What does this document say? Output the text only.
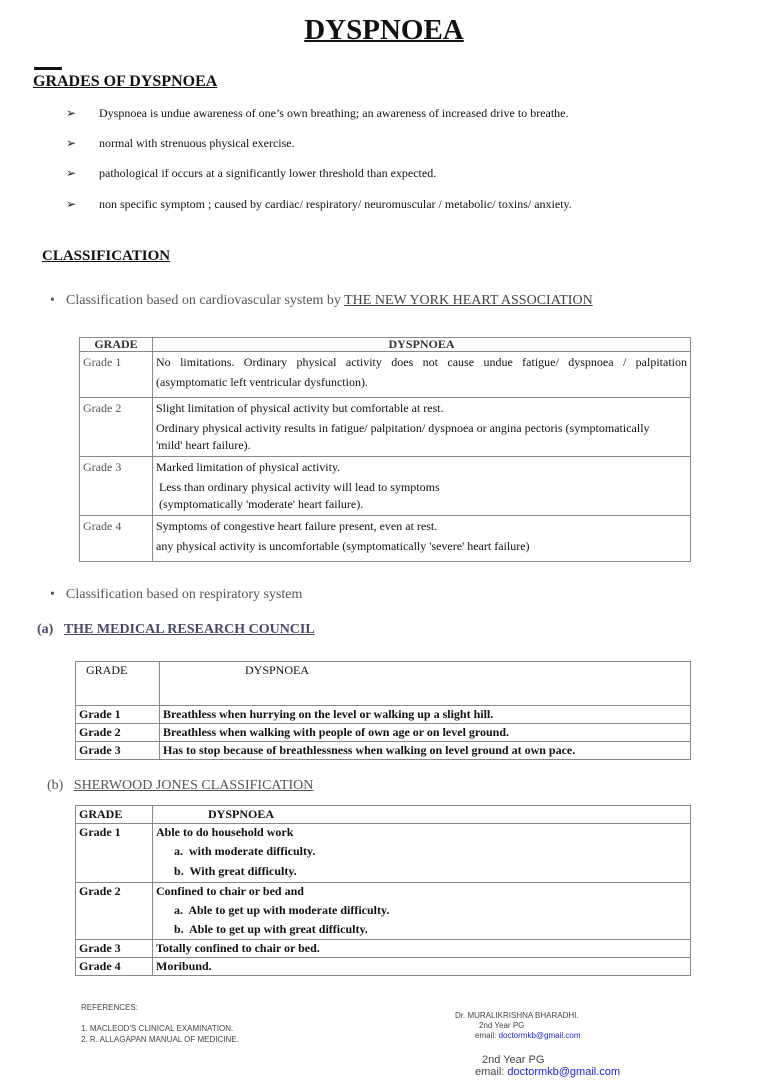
DYSPNOEA
GRADES OF DYSPNOEA
➢ Dyspnoea is undue awareness of one’s own breathing; an awareness of increased drive to breathe.
➢ normal with strenuous physical exercise.
➢ pathological if occurs at a significantly lower threshold than expected.
➢ non specific symptom ; caused by cardiac/ respiratory/ neuromuscular / metabolic/ toxins/ anxiety.
CLASSIFICATION
• Classification based on cardiovascular system by THE NEW YORK HEART ASSOCIATION
GRADE	DYSPNOEA
Grade 1	No limitations. Ordinary physical activity does not cause undue fatigue/ dyspnoea / palpitation
(asymptomatic left ventricular dysfunction).

Grade 2	Slight limitation of physical activity but comfortable at rest.
Ordinary physical activity results in fatigue/ palpitation/ dyspnoea or angina pectoris (symptomatically
'mild' heart failure).

Grade 3	Marked limitation of physical activity.
Less than ordinary physical activity will lead to symptoms
(symptomatically 'moderate' heart failure).

Grade 4	Symptoms of congestive heart failure present, even at rest.
any physical activity is uncomfortable (symptomatically 'severe' heart failure)
• Classification based on respiratory system
(a) THE MEDICAL RESEARCH COUNCIL
GRADE	DYSPNOEA
Grade 1	Breathless when hurrying on the level or walking up a slight hill.
Grade 2	Breathless when walking with people of own age or on level ground.
Grade 3	Has to stop because of breathlessness when walking on level ground at own pace.
(b) SHERWOOD JONES CLASSIFICATION
GRADE	DYSPNOEA
Grade 1	Able to do household work
a.  with moderate difficulty.
b.  With great difficulty.

Grade 2	Confined to chair or bed and
a.  Able to get up with moderate difficulty.
b.  Able to get up with great difficulty.

Grade 3	Totally confined to chair or bed.
Grade 4	Moribund.
REFERENCES:
1. MACLEOD'S CLINICAL EXAMINATION.
2. R. ALLAGAPAN MANUAL OF MEDICINE.
Dr. MURALIKRISHNA BHARADHI.
2nd Year PG
email: doctormkb@gmail.com
2nd Year PG
email: doctormkb@gmail.com
